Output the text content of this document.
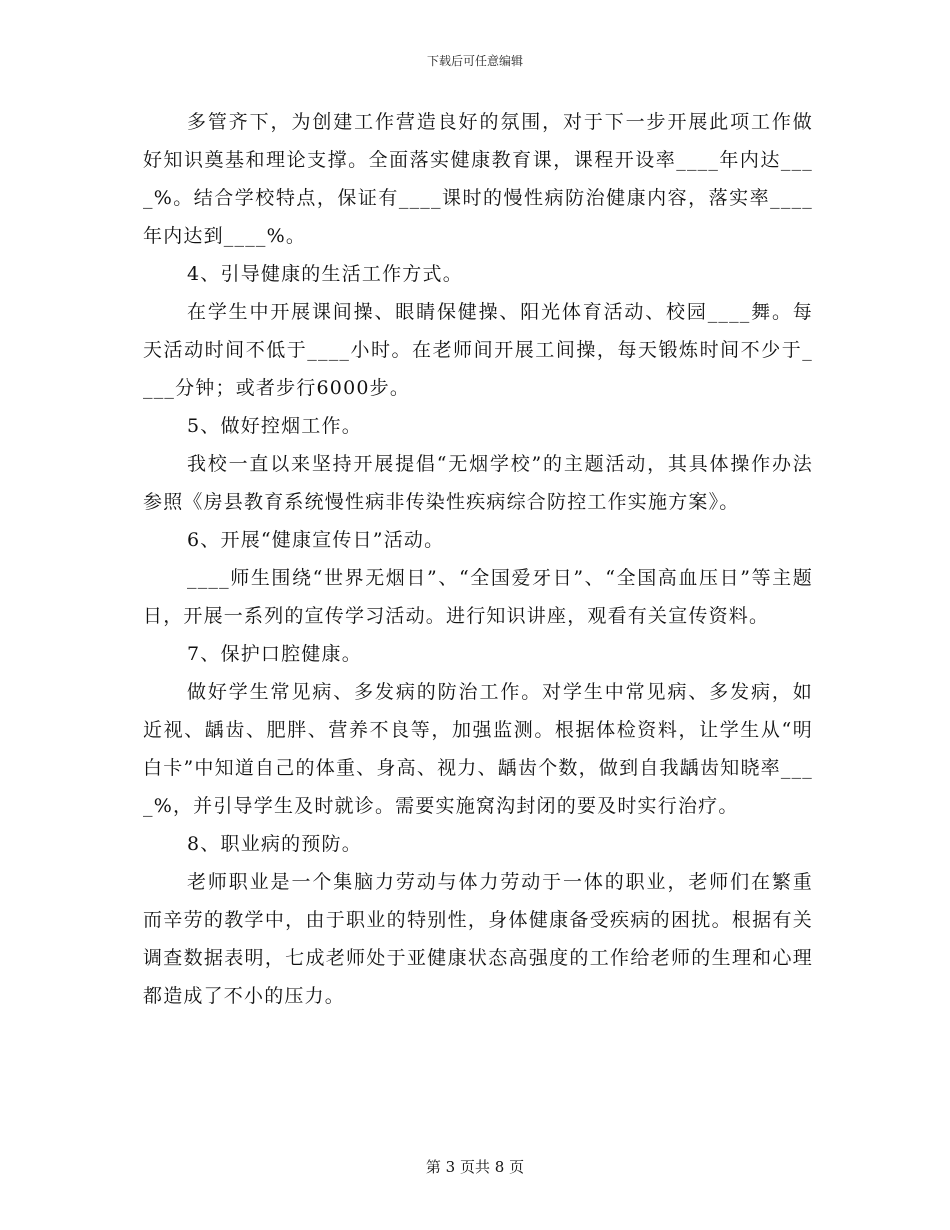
下载后可任意编辑

多管齐下，为创建工作营造良好的氛围，对于下一步开展此项工作做好知识奠基和理论支撑。全面落实健康教育课，课程开设率____年内达____%。结合学校特点，保证有____课时的慢性病防治健康内容，落实率____年内达到____%。

4、引导健康的生活工作方式。

在学生中开展课间操、眼睛保健操、阳光体育活动、校园____舞。每天活动时间不低于____小时。在老师间开展工间操，每天锻炼时间不少于____分钟；或者步行6000步。

5、做好控烟工作。

我校一直以来坚持开展提倡“无烟学校”的主题活动，其具体操作办法参照《房县教育系统慢性病非传染性疾病综合防控工作实施方案》。

6、开展“健康宣传日”活动。

____师生围绕“世界无烟日”、“全国爱牙日”、“全国高血压日”等主题日，开展一系列的宣传学习活动。进行知识讲座，观看有关宣传资料。

7、保护口腔健康。

做好学生常见病、多发病的防治工作。对学生中常见病、多发病，如近视、龋齿、肥胖、营养不良等，加强监测。根据体检资料，让学生从“明白卡”中知道自己的体重、身高、视力、龋齿个数，做到自我龋齿知晓率____%，并引导学生及时就诊。需要实施窝沟封闭的要及时实行治疗。

8、职业病的预防。

老师职业是一个集脑力劳动与体力劳动于一体的职业，老师们在繁重而辛劳的教学中，由于职业的特别性，身体健康备受疾病的困扰。根据有关调查数据表明，七成老师处于亚健康状态高强度的工作给老师的生理和心理都造成了不小的压力。

第 3 页共 8 页
